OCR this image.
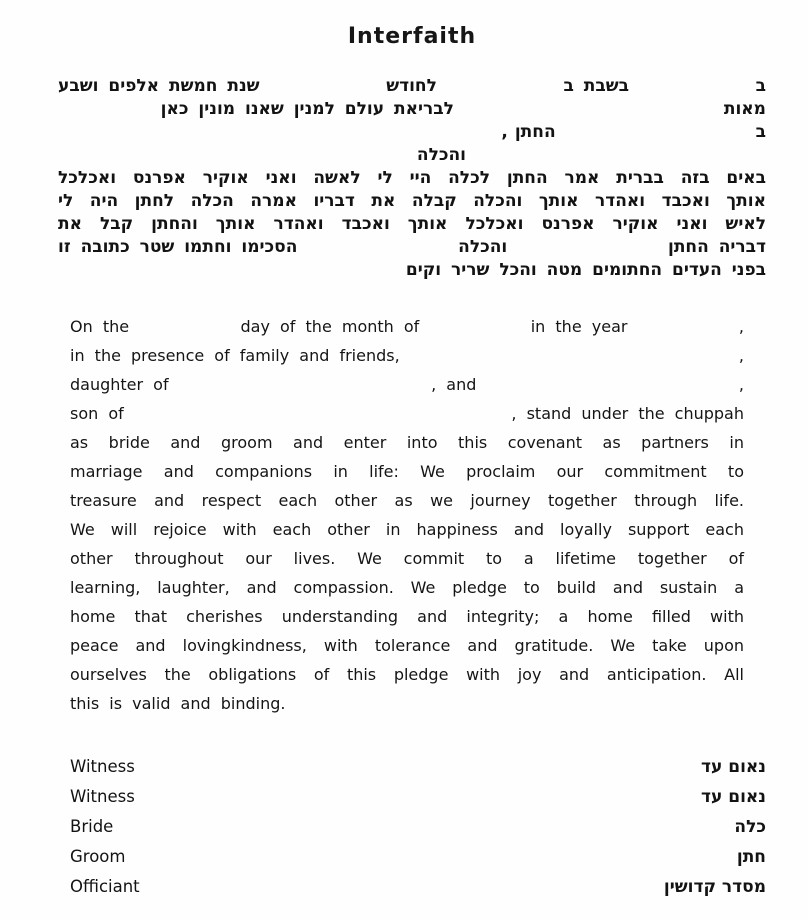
Interfaith
ב
בשבת ב
לחודש
שנת חמשת אלפים ושבע
מאות
לבריאת עולם למנין שאנו מונין כאן
ב
החתן
,
והכלה
באים בזה בברית אמר החתן לכלה היי לי לאשה ואני אוקיר אפרנס ואכלכל
אותך ואכבד ואהדר אותך והכלה קבלה את דבריו אמרה הכלה לחתן היה לי
לאיש ואני אוקיר אפרנס ואכלכל אותך ואכבד ואהדר אותך והחתן קבל את
דבריה החתן
והכלה
הסכימו וחתמו שטר כתובה זו
בפני העדים החתומים מטה והכל שריר וקים
On the	day of the month of	in the year	,
in the presence of family and friends,	,
daughter of	, and	,
son of	, stand under the chuppah
as bride and groom and enter into this covenant as partners in
marriage and companions in life: We proclaim our commitment to
treasure and respect each other as we journey together through life.
We will rejoice with each other in happiness and loyally support each
other throughout our lives. We commit to a lifetime together of
learning, laughter, and compassion. We pledge to build and sustain a
home that cherishes understanding and integrity; a home filled with
peace and lovingkindness, with tolerance and gratitude. We take upon
ourselves the obligations of this pledge with joy and anticipation. All
this is valid and binding.
Witness	נאום עד
Witness	נאום עד
Bride	כלה
Groom	חתן
Officiant	מסדר קדושין
